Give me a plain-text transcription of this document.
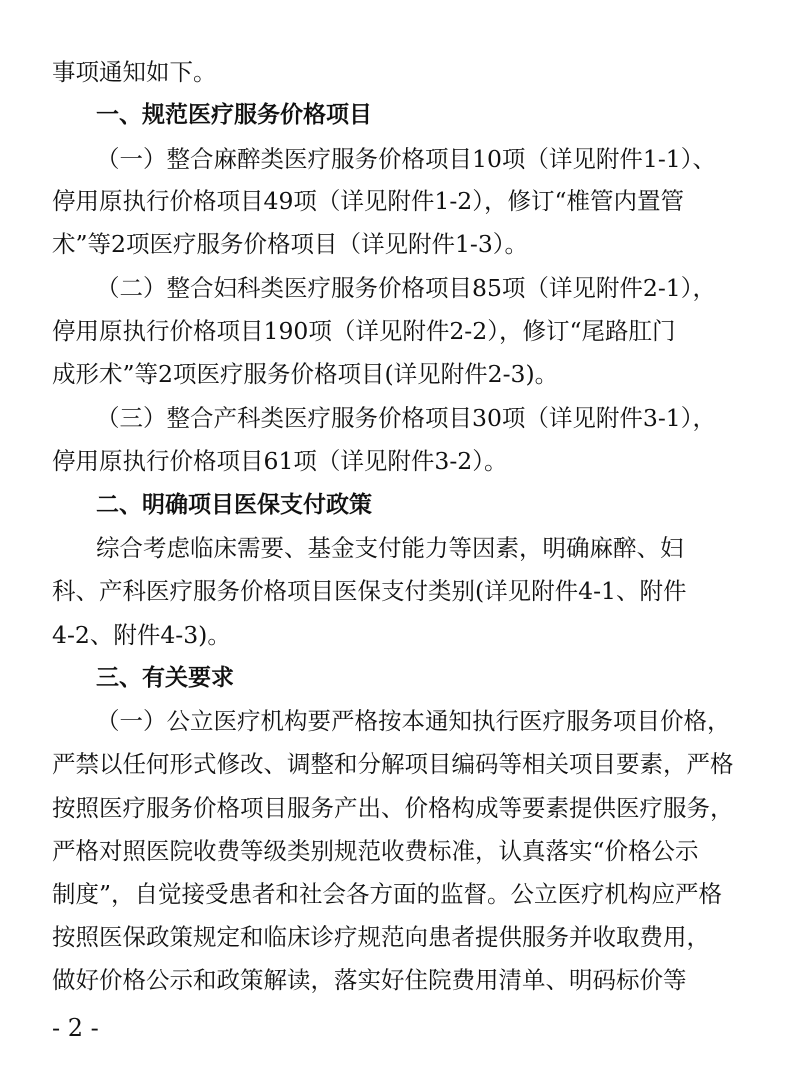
事项通知如下。
一、规范医疗服务价格项目
（一）整合麻醉类医疗服务价格项目10项（详见附件1-1）、
停用原执行价格项目49项（详见附件1-2），修订“椎管内置管
术”等2项医疗服务价格项目（详见附件1-3）。
（二）整合妇科类医疗服务价格项目85项（详见附件2-1），
停用原执行价格项目190项（详见附件2-2），修订“尾路肛门
成形术”等2项医疗服务价格项目(详见附件2-3)。
（三）整合产科类医疗服务价格项目30项（详见附件3-1），
停用原执行价格项目61项（详见附件3-2）。
二、明确项目医保支付政策
综合考虑临床需要、基金支付能力等因素，明确麻醉、妇
科、产科医疗服务价格项目医保支付类别(详见附件4-1、附件
4-2、附件4-3)。
三、有关要求
（一）公立医疗机构要严格按本通知执行医疗服务项目价格，
严禁以任何形式修改、调整和分解项目编码等相关项目要素，严格
按照医疗服务价格项目服务产出、价格构成等要素提供医疗服务，
严格对照医院收费等级类别规范收费标准，认真落实“价格公示
制度”，自觉接受患者和社会各方面的监督。公立医疗机构应严格
按照医保政策规定和临床诊疗规范向患者提供服务并收取费用，
做好价格公示和政策解读，落实好住院费用清单、明码标价等
- 2 -
